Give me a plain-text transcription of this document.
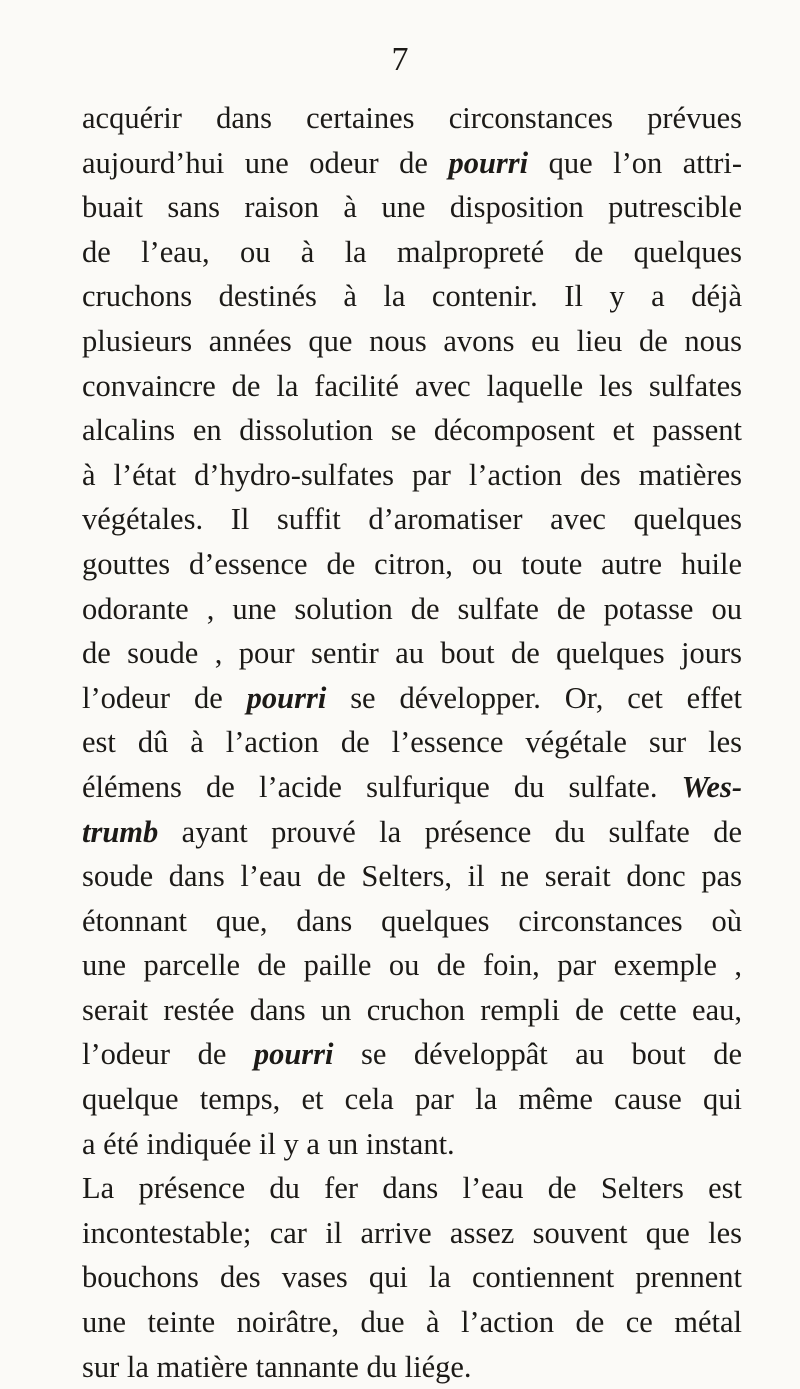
7
acquérir dans certaines circonstances prévues
aujourd’hui une odeur de pourri que l’on attri-
buait sans raison à une disposition putrescible
de l’eau, ou à la malpropreté de quelques
cruchons destinés à la contenir. Il y a déjà
plusieurs années que nous avons eu lieu de nous
convaincre de la facilité avec laquelle les sulfates
alcalins en dissolution se décomposent et passent
à l’état d’hydro-sulfates par l’action des matières
végétales. Il suffit d’aromatiser avec quelques
gouttes d’essence de citron, ou toute autre huile
odorante , une solution de sulfate de potasse ou
de soude , pour sentir au bout de quelques jours
l’odeur de pourri se développer. Or, cet effet
est dû à l’action de l’essence végétale sur les
élémens de l’acide sulfurique du sulfate. Wes-
trumb ayant prouvé la présence du sulfate de
soude dans l’eau de Selters, il ne serait donc pas
étonnant que, dans quelques circonstances où
une parcelle de paille ou de foin, par exemple ,
serait restée dans un cruchon rempli de cette eau,
l’odeur de pourri se développât au bout de
quelque temps, et cela par la même cause qui
a été indiquée il y a un instant.
La présence du fer dans l’eau de Selters est
incontestable; car il arrive assez souvent que les
bouchons des vases qui la contiennent prennent
une teinte noirâtre, due à l’action de ce métal
sur la matière tannante du liége.
